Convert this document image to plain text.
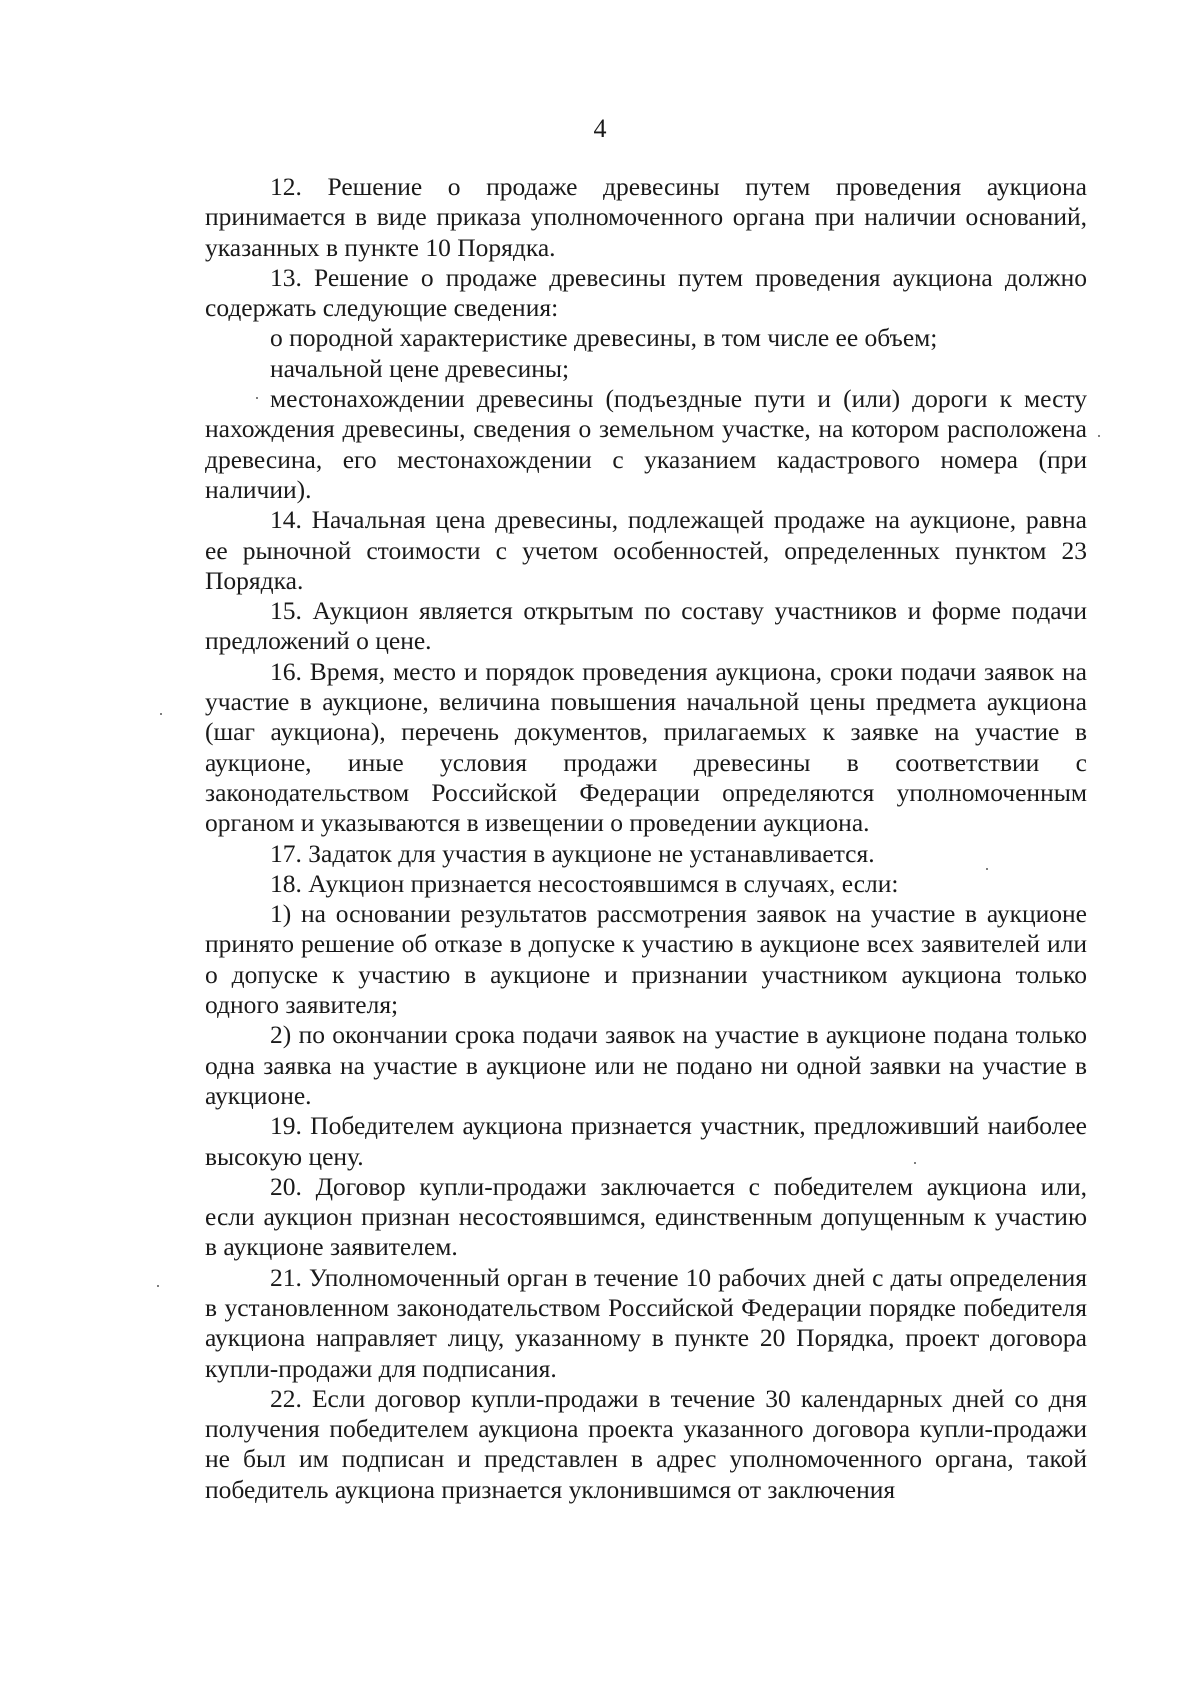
4

12. Решение о продаже древесины путем проведения аукциона принимается в виде приказа уполномоченного органа при наличии оснований, указанных в пункте 10 Порядка.

13. Решение о продаже древесины путем проведения аукциона должно содержать следующие сведения:

о породной характеристике древесины, в том числе ее объем;

начальной цене древесины;

местонахождении древесины (подъездные пути и (или) дороги к месту нахождения древесины, сведения о земельном участке, на котором расположена древесина, его местонахождении с указанием кадастрового номера (при наличии).

14. Начальная цена древесины, подлежащей продаже на аукционе, равна ее рыночной стоимости с учетом особенностей, определенных пунктом 23 Порядка.

15. Аукцион является открытым по составу участников и форме подачи предложений о цене.

16. Время, место и порядок проведения аукциона, сроки подачи заявок на участие в аукционе, величина повышения начальной цены предмета аукциона (шаг аукциона), перечень документов, прилагаемых к заявке на участие в аукционе, иные условия продажи древесины в соответствии с законодательством Российской Федерации определяются уполномоченным органом и указываются в извещении о проведении аукциона.

17. Задаток для участия в аукционе не устанавливается.

18. Аукцион признается несостоявшимся в случаях, если:

1) на основании результатов рассмотрения заявок на участие в аукционе принято решение об отказе в допуске к участию в аукционе всех заявителей или о допуске к участию в аукционе и признании участником аукциона только одного заявителя;

2) по окончании срока подачи заявок на участие в аукционе подана только одна заявка на участие в аукционе или не подано ни одной заявки на участие в аукционе.

19. Победителем аукциона признается участник, предложивший наиболее высокую цену.

20. Договор купли-продажи заключается с победителем аукциона или, если аукцион признан несостоявшимся, единственным допущенным к участию в аукционе заявителем.

21. Уполномоченный орган в течение 10 рабочих дней с даты определения в установленном законодательством Российской Федерации порядке победителя аукциона направляет лицу, указанному в пункте 20 Порядка, проект договора купли-продажи для подписания.

22. Если договор купли-продажи в течение 30 календарных дней со дня получения победителем аукциона проекта указанного договора купли-продажи не был им подписан и представлен в адрес уполномоченного органа, такой победитель аукциона признается уклонившимся от заключения
